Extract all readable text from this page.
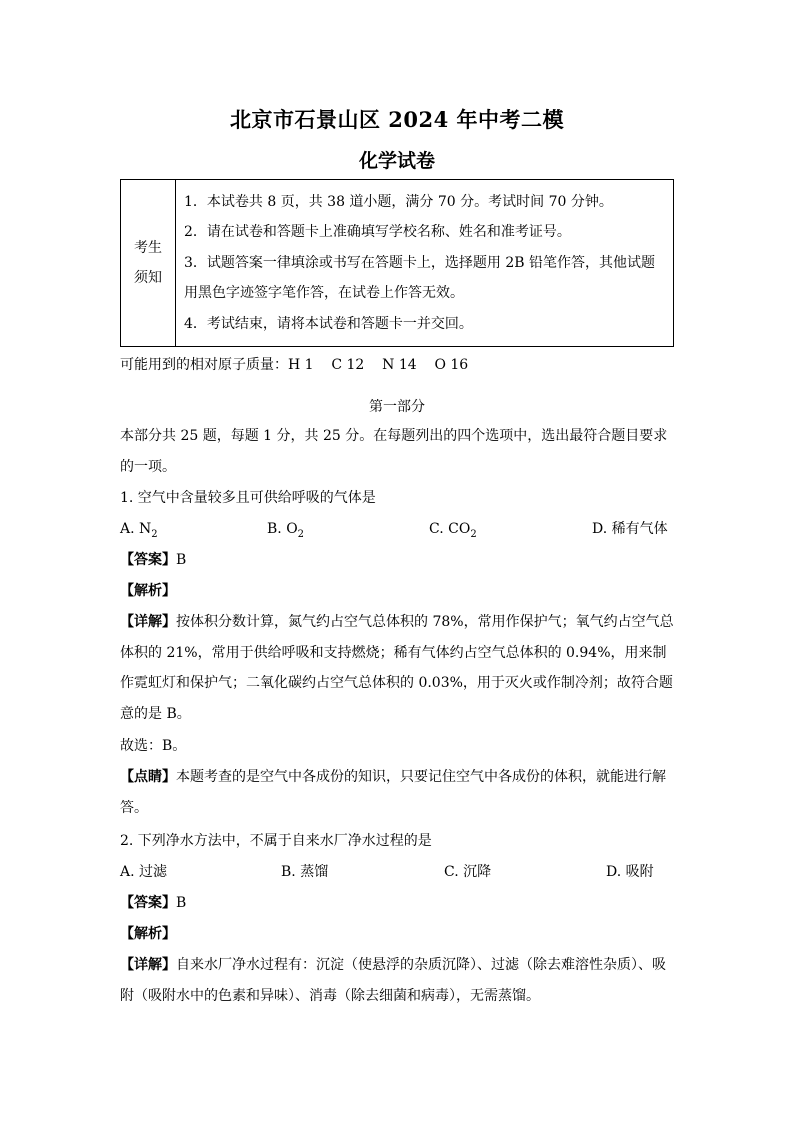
北京市石景山区 2024 年中考二模
化学试卷
考生
须知	
1．本试卷共 8 页，共 38 道小题，满分 70 分。考试时间 70 分钟。
2．请在试卷和答题卡上准确填写学校名称、姓名和准考证号。
3．试题答案一律填涂或书写在答题卡上，选择题用 2B 铅笔作答，其他试题用黑色字迹签字笔作答，在试卷上作答无效。
4．考试结束，请将本试卷和答题卡一并交回。
可能用到的相对原子质量：H 1    C 12    N 14    O 16
第一部分
本部分共 25 题，每题 1 分，共 25 分。在每题列出的四个选项中，选出最符合题目要求的一项。
1. 空气中含量较多且可供给呼吸的气体是
A. $N_2$	B. $O_2$	C. $CO_2$	D. 稀有气体
【答案】B
【解析】
【详解】按体积分数计算，氮气约占空气总体积的 78%，常用作保护气；氧气约占空气总体积的 21%，常用于供给呼吸和支持燃烧；稀有气体约占空气总体积的 0.94%，用来制作霓虹灯和保护气；二氧化碳约占空气总体积的 0.03%，用于灭火或作制冷剂；故符合题意的是 B。
故选：B。
【点睛】本题考查的是空气中各成份的知识，只要记住空气中各成份的体积，就能进行解答。
2. 下列净水方法中，不属于自来水厂净水过程的是
A. 过滤	B. 蒸馏	C. 沉降	D. 吸附
【答案】B
【解析】
【详解】自来水厂净水过程有：沉淀（使悬浮的杂质沉降）、过滤（除去难溶性杂质）、吸附（吸附水中的色素和异味）、消毒（除去细菌和病毒），无需蒸馏。
